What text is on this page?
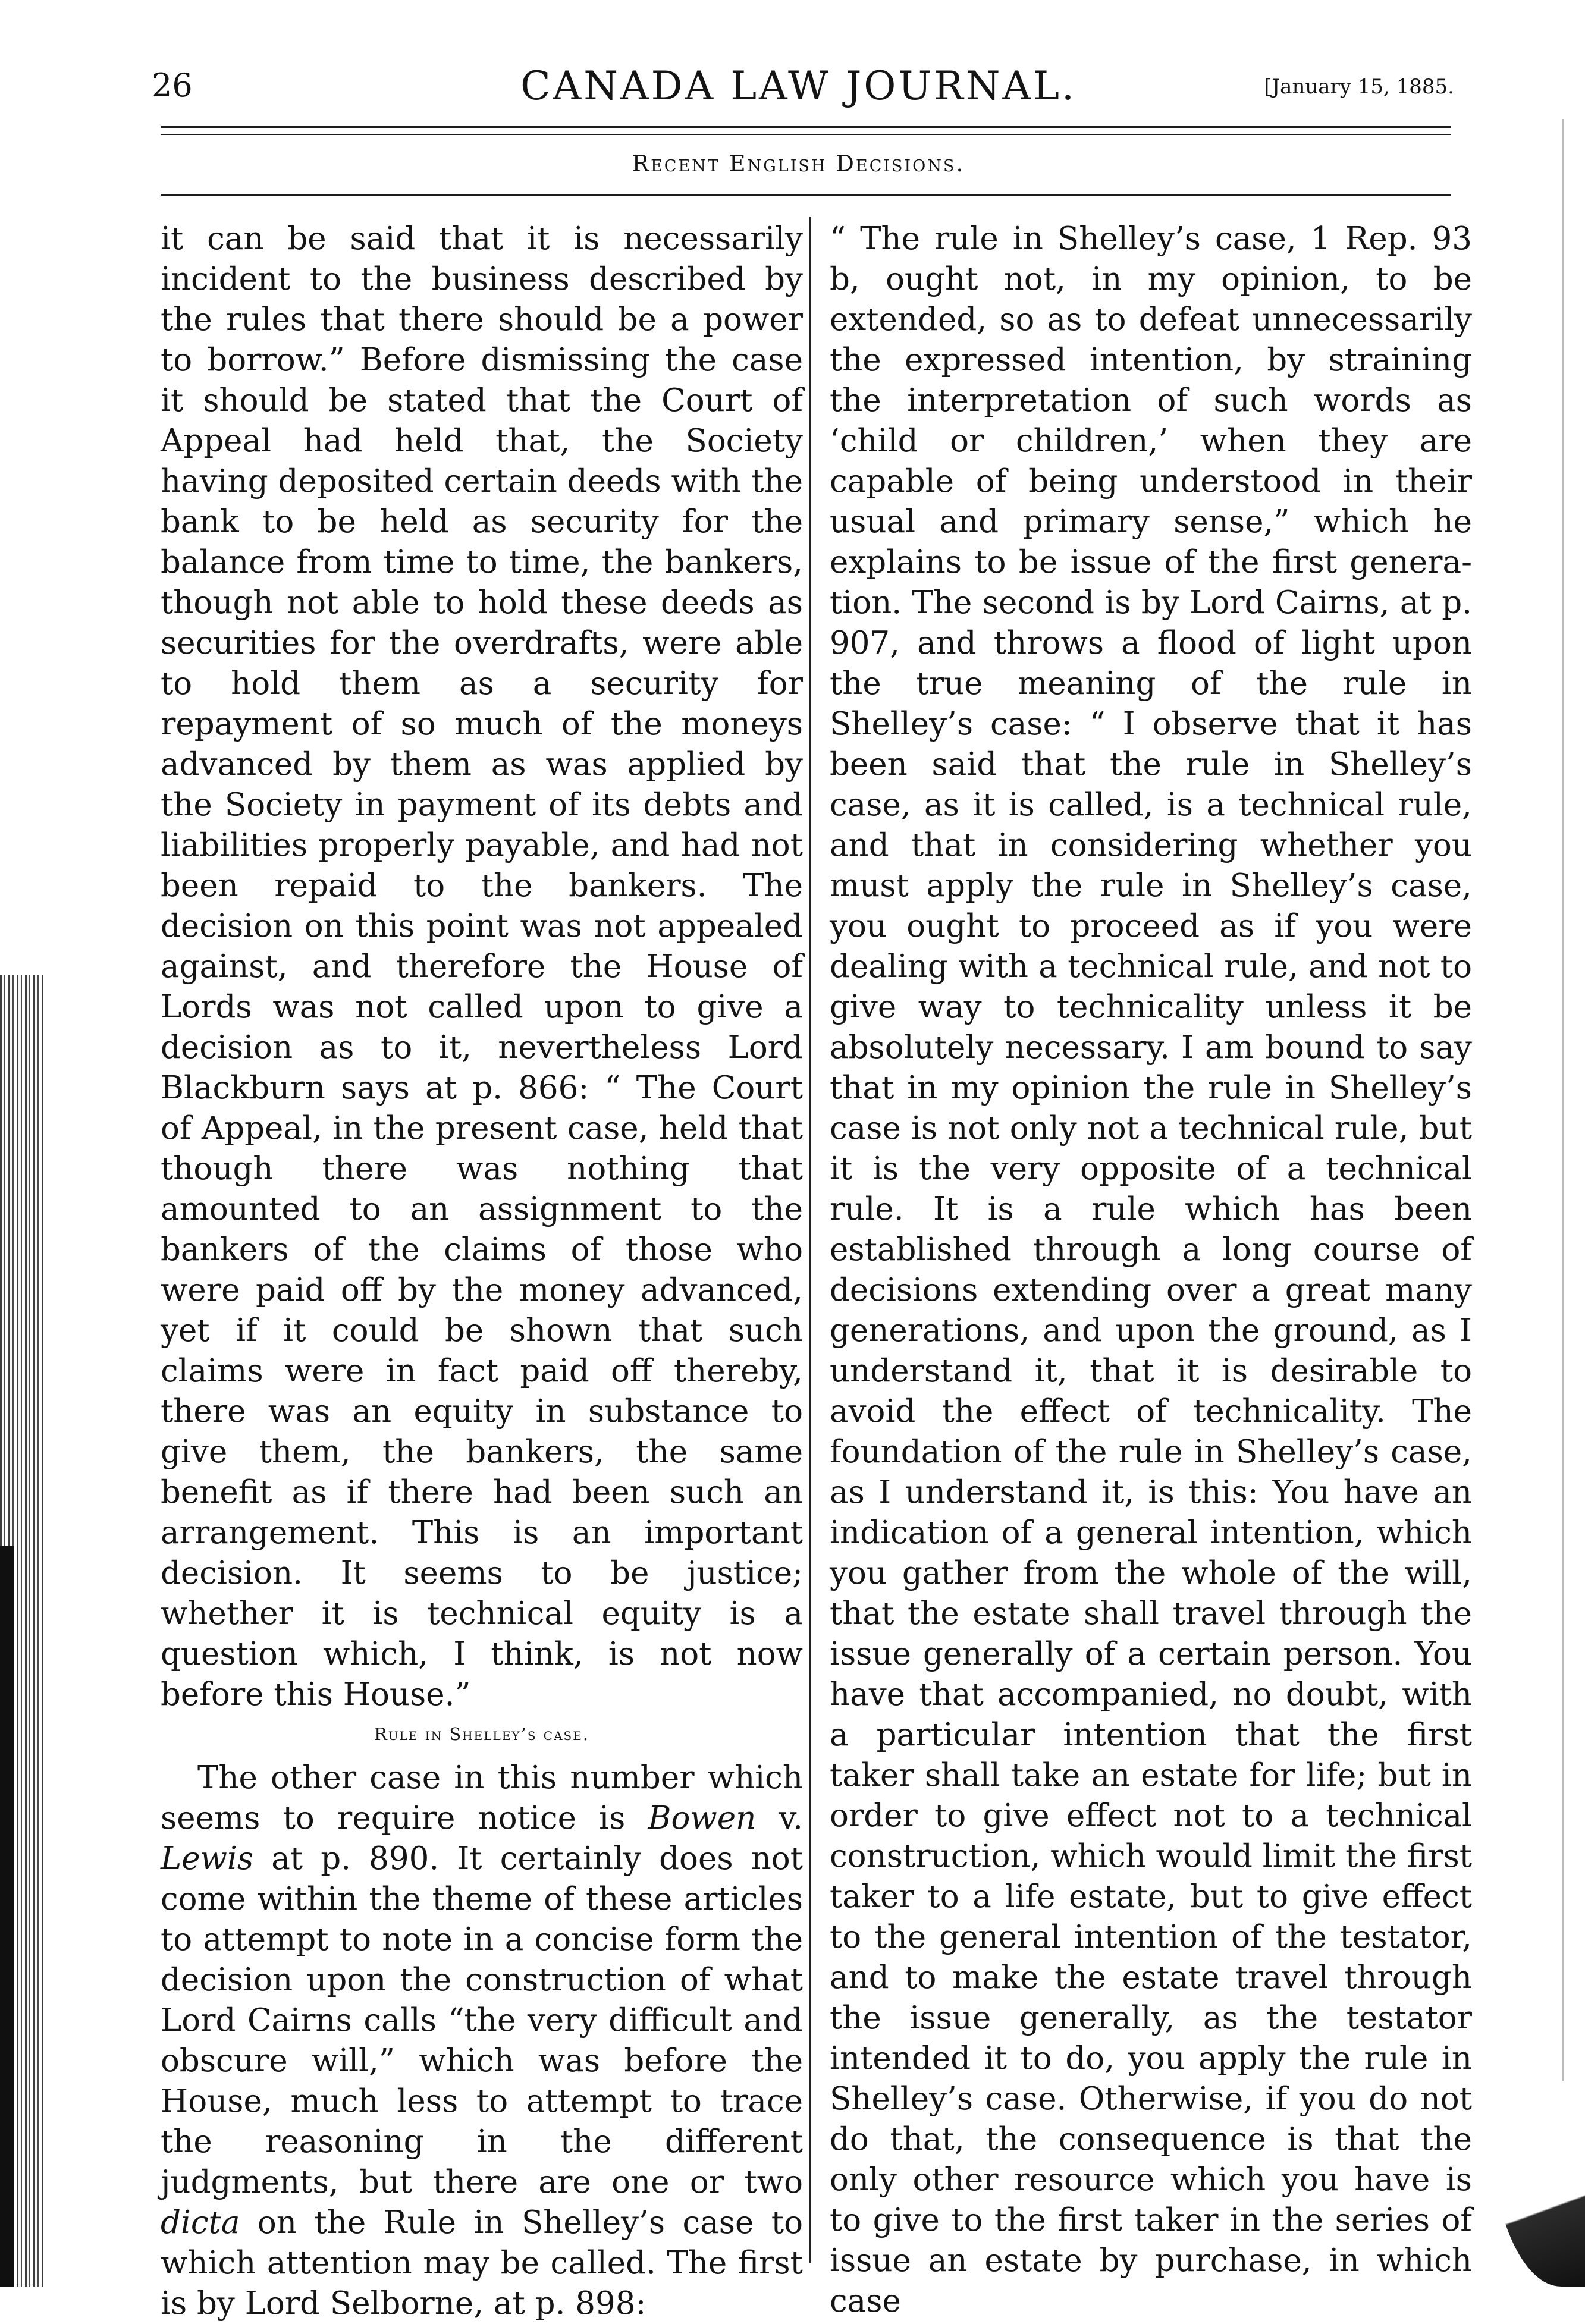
26	CANADA LAW JOURNAL.	[January 15, 1885.
Recent English Decisions.

it can be said that it is necessarily incident to the business described by the rules that there should be a power to borrow.” Before dismissing the case it should be stated that the Court of Appeal had held that, the Society having deposited certain deeds with the bank to be held as security for the balance from time to time, the bankers, though not able to hold these deeds as securities for the overdrafts, were able to hold them as a security for repayment of so much of the moneys advanced by them as was applied by the Society in payment of its debts and liabilities properly payable, and had not been repaid to the bankers. The decision on this point was not appealed against, and therefore the House of Lords was not called upon to give a decision as to it, nevertheless Lord Blackburn says at p. 866: “ The Court of Appeal, in the present case, held that though there was nothing that amounted to an assignment to the bankers of the claims of those who were paid off by the money advanced, yet if it could be shown that such claims were in fact paid off thereby, there was an equity in substance to give them, the bankers, the same benefit as if there had been such an arrangement. This is an important decision. It seems to be justice; whether it is technical equity is a question which, I think, is not now before this House.”

Rule in Shelley’s case.

The other case in this number which seems to require notice is Bowen v. Lewis at p. 890. It certainly does not come within the theme of these articles to attempt to note in a concise form the decision upon the construction of what Lord Cairns calls “the very difficult and obscure will,” which was before the House, much less to attempt to trace the reasoning in the different judgments, but there are one or two dicta on the Rule in Shelley’s case to which attention may be called. The first is by Lord Selborne, at p. 898:

“ The rule in Shelley’s case, 1 Rep. 93 b, ought not, in my opinion, to be extended, so as to defeat unnecessarily the expressed intention, by straining the interpretation of such words as ‘child or children,’ when they are capable of being understood in their usual and primary sense,” which he explains to be issue of the first generation. The second is by Lord Cairns, at p. 907, and throws a flood of light upon the true meaning of the rule in Shelley’s case: “ I observe that it has been said that the rule in Shelley’s case, as it is called, is a technical rule, and that in considering whether you must apply the rule in Shelley’s case, you ought to proceed as if you were dealing with a technical rule, and not to give way to technicality unless it be absolutely necessary. I am bound to say that in my opinion the rule in Shelley’s case is not only not a technical rule, but it is the very opposite of a technical rule. It is a rule which has been established through a long course of decisions extending over a great many generations, and upon the ground, as I understand it, that it is desirable to avoid the effect of technicality. The foundation of the rule in Shelley’s case, as I understand it, is this: You have an indication of a general intention, which you gather from the whole of the will, that the estate shall travel through the issue generally of a certain person. You have that accompanied, no doubt, with a particular intention that the first taker shall take an estate for life; but in order to give effect not to a technical construction, which would limit the first taker to a life estate, but to give effect to the general intention of the testator, and to make the estate travel through the issue generally, as the testator intended it to do, you apply the rule in Shelley’s case. Otherwise, if you do not do that, the consequence is that the only other resource which you have is to give to the first taker in the series of issue an estate by purchase, in which case
